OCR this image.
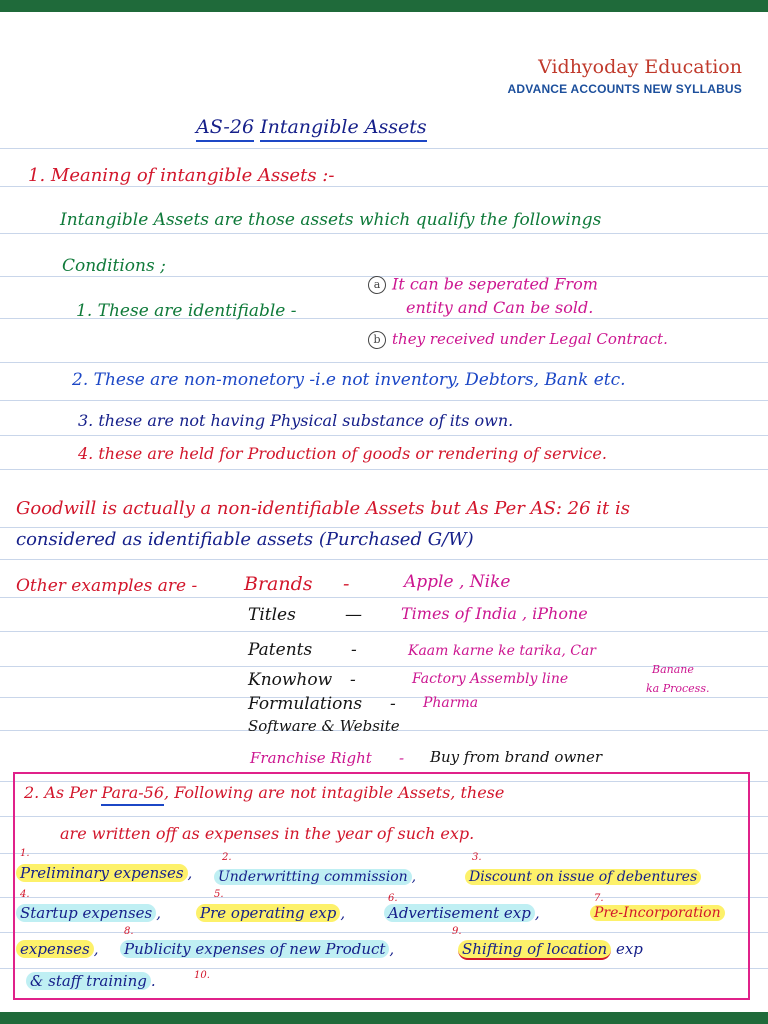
Vidhyoday Education
ADVANCE ACCOUNTS NEW SYLLABUS
AS-26 Intangible Assets
1. Meaning of intangible Assets :-
Intangible Assets are those assets which qualify the followings
Conditions ;
1. These are identifiable -
a It can be seperated From
entity and Can be sold.
b they received under Legal Contract.
2. These are non-monetory -i.e not inventory, Debtors, Bank etc.
3. these are not having Physical substance of its own.
4. these are held for Production of goods or rendering of service.
Goodwill is actually a non-identifiable Assets but As Per AS: 26 it is
considered as identifiable assets (Purchased G/W)
Other examples are - Brands -	Apple , Nike
Titles	— Times of India , iPhone
Patents -	Kaam karne ke tarika, Car
Banane
ka Process.
Knowhow -	Factory Assembly line
Formulations - Pharma
Software & Website
Franchise Right - Buy from brand owner
2. As Per Para-56, Following are not intagible Assets, these
are written off as expenses in the year of such exp.
1.
Preliminary expenses ,
2.
Underwritting commission ,
3.
Discount on issue of debentures
4.
Startup expenses ,
5.
Pre operating exp ,
6.
Advertisement exp ,
7.
Pre-Incorporation
expenses ,
8.
Publicity expenses of new Product ,
9.
Shifting of location exp
& staff training .	10.
